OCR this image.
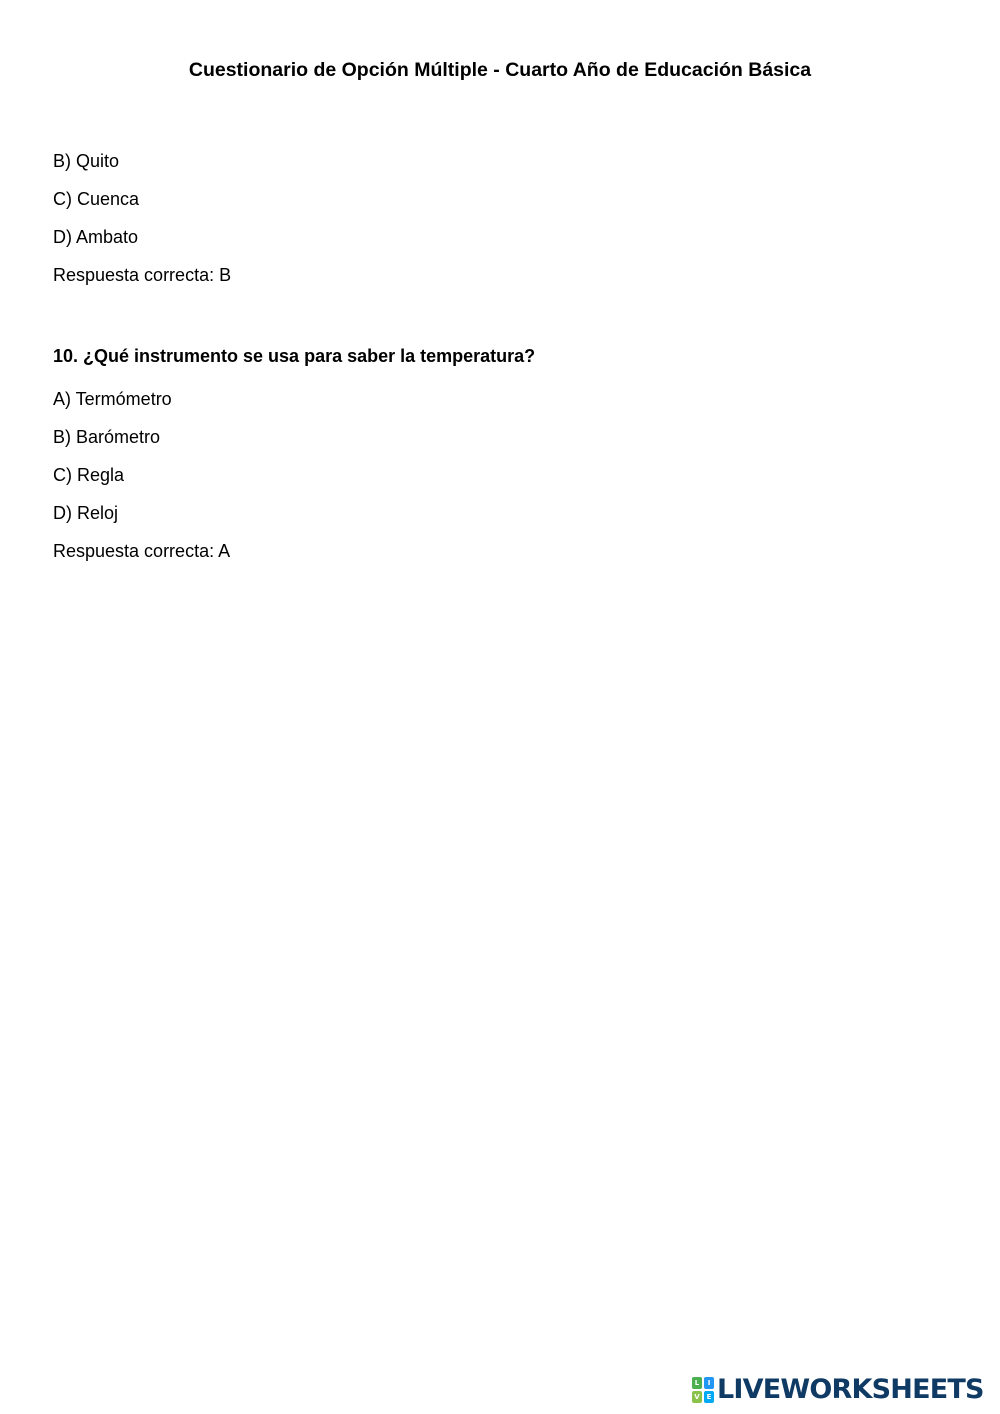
Cuestionario de Opción Múltiple - Cuarto Año de Educación Básica
B) Quito
C) Cuenca
D) Ambato
Respuesta correcta: B
10. ¿Qué instrumento se usa para saber la temperatura?
A) Termómetro
B) Barómetro
C) Regla
D) Reloj
Respuesta correcta: A
L	I
V E LIVEWORKSHEETS
